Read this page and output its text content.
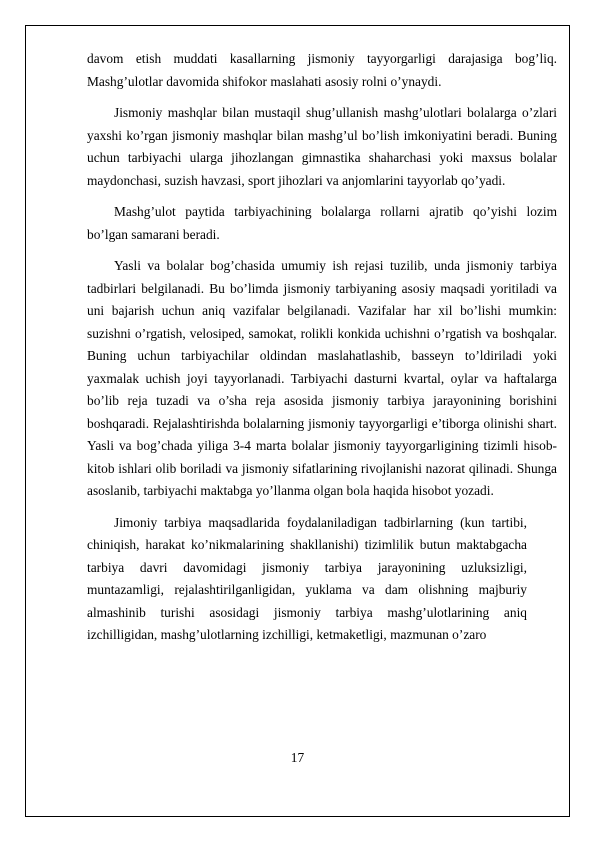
davom etish muddati kasallarning jismoniy tayyorgarligi darajasiga bog’liq. Mashg’ulotlar davomida shifokor maslahati asosiy rolni o’ynaydi.

Jismoniy mashqlar bilan mustaqil shug’ullanish mashg’ulotlari bolalarga o’zlari yaxshi ko’rgan jismoniy mashqlar bilan mashg’ul bo’lish imkoniyatini beradi. Buning uchun tarbiyachi ularga jihozlangan gimnastika shaharchasi yoki maxsus bolalar maydonchasi, suzish havzasi, sport jihozlari va anjomlarini tayyorlab qo’yadi.

Mashg’ulot paytida tarbiyachining bolalarga rollarni ajratib qo’yishi lozim bo’lgan samarani beradi.

Yasli va bolalar bog’chasida umumiy ish rejasi tuzilib, unda jismoniy tarbiya tadbirlari belgilanadi. Bu bo’limda jismoniy tarbiyaning asosiy maqsadi yoritiladi va uni bajarish uchun aniq vazifalar belgilanadi. Vazifalar har xil bo’lishi mumkin: suzishni o’rgatish, velosiped, samokat, rolikli konkida uchishni o’rgatish va boshqalar. Buning uchun tarbiyachilar oldindan maslahatlashib, basseyn to’ldiriladi yoki yaxmalak uchish joyi tayyorlanadi. Tarbiyachi dasturni kvartal, oylar va haftalarga bo’lib reja tuzadi va o’sha reja asosida jismoniy tarbiya jarayonining borishini boshqaradi. Rejalashtirishda bolalarning jismoniy tayyorgarligi e’tiborga olinishi shart. Yasli va bog’chada yiliga 3-4 marta bolalar jismoniy tayyorgarligining tizimli hisob-kitob ishlari olib boriladi va jismoniy sifatlarining rivojlanishi nazorat qilinadi. Shunga asoslanib, tarbiyachi maktabga yo’llanma olgan bola haqida hisobot yozadi.

Jimoniy tarbiya maqsadlarida foydalaniladigan tadbirlarning (kun tartibi, chiniqish, harakat ko’nikmalarining shakllanishi) tizimlilik butun maktabgacha tarbiya davri davomidagi jismoniy tarbiya jarayonining uzluksizligi, muntazamligi, rejalashtirilganligidan, yuklama va dam olishning majburiy almashinib turishi asosidagi jismoniy tarbiya mashg’ulotlarining aniq izchilligidan, mashg’ulotlarning izchilligi, ketmaketligi, mazmunan o’zaro

17
